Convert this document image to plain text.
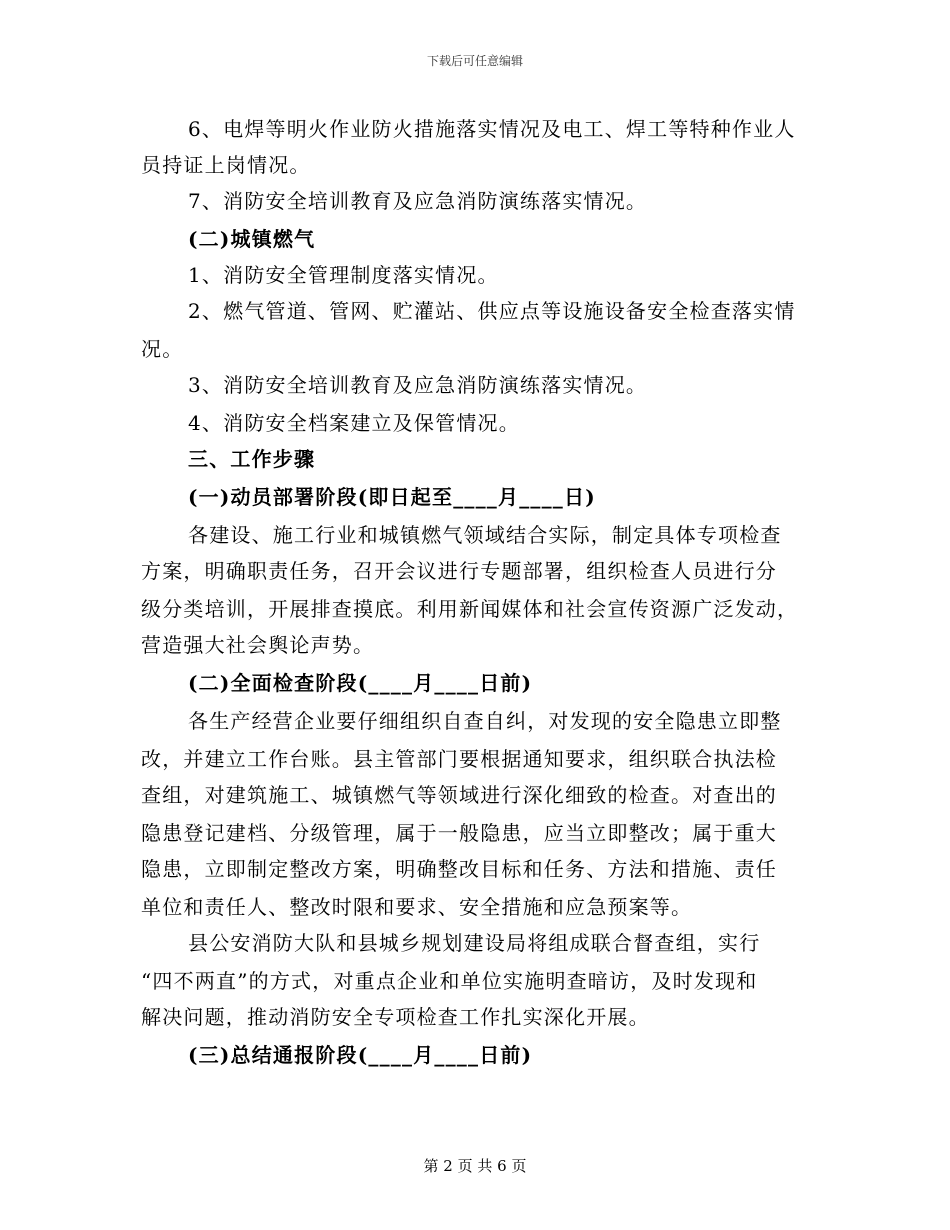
下载后可任意编辑
6、电焊等明火作业防火措施落实情况及电工、焊工等特种作业人
员持证上岗情况。
7、消防安全培训教育及应急消防演练落实情况。
(二)城镇燃气
1、消防安全管理制度落实情况。
2、燃气管道、管网、贮灌站、供应点等设施设备安全检查落实情
况。
3、消防安全培训教育及应急消防演练落实情况。
4、消防安全档案建立及保管情况。
三、工作步骤
(一)动员部署阶段(即日起至____月____日)
各建设、施工行业和城镇燃气领域结合实际，制定具体专项检查
方案，明确职责任务，召开会议进行专题部署，组织检查人员进行分
级分类培训，开展排查摸底。利用新闻媒体和社会宣传资源广泛发动，
营造强大社会舆论声势。
(二)全面检查阶段(____月____日前)
各生产经营企业要仔细组织自查自纠，对发现的安全隐患立即整
改，并建立工作台账。县主管部门要根据通知要求，组织联合执法检
查组，对建筑施工、城镇燃气等领域进行深化细致的检查。对查出的
隐患登记建档、分级管理，属于一般隐患，应当立即整改；属于重大
隐患，立即制定整改方案，明确整改目标和任务、方法和措施、责任
单位和责任人、整改时限和要求、安全措施和应急预案等。
县公安消防大队和县城乡规划建设局将组成联合督查组，实行
“四不两直”的方式，对重点企业和单位实施明查暗访，及时发现和
解决问题，推动消防安全专项检查工作扎实深化开展。
(三)总结通报阶段(____月____日前)
第 2 页 共 6 页
